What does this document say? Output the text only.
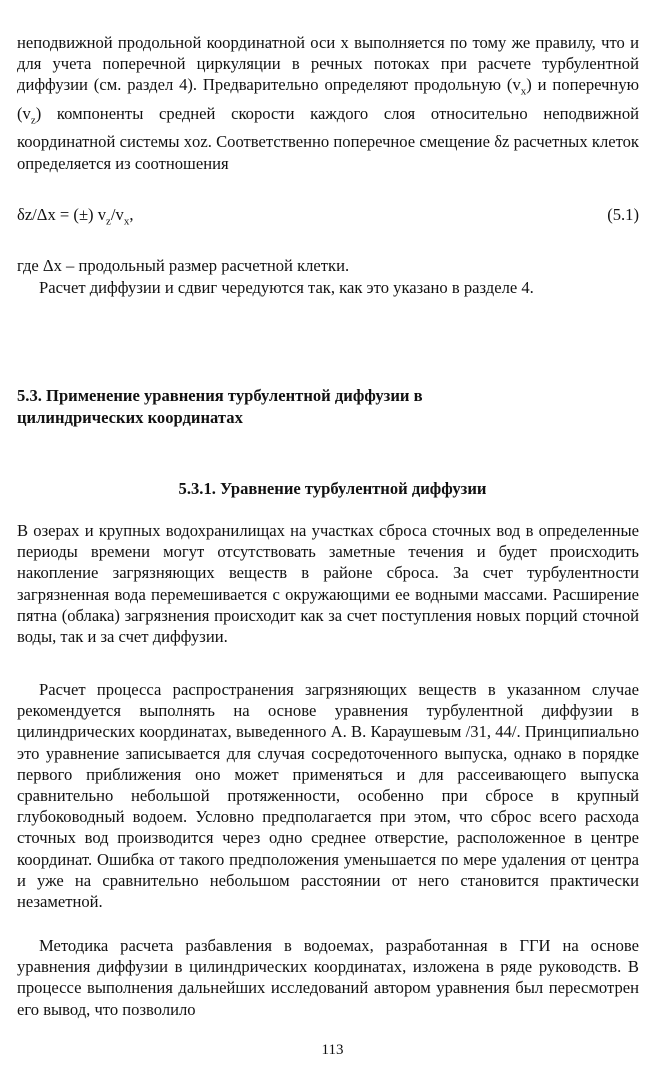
неподвижной продольной координатной оси x выполняется по тому же правилу, что и для учета поперечной циркуляции в речных потоках при расчете турбулентной диффузии (см. раздел 4). Предварительно определяют продольную $(v_x)$ и поперечную $(v_z)$ компоненты средней скорости каждого слоя относительно неподвижной координатной системы xoz. Соответственно поперечное смещение δz расчетных клеток определяется из соотношения

δz/Δx = (±) $v_z/v_x$,	(5.1)

где Δx – продольный размер расчетной клетки.

Расчет диффузии и сдвиг чередуются так, как это указано в разделе 4.

5.3. Применение уравнения турбулентной диффузии в цилиндрических координатах
5.3.1. Уравнение турбулентной диффузии

В озерах и крупных водохранилищах на участках сброса сточных вод в определенные периоды времени могут отсутствовать заметные течения и будет происходить накопление загрязняющих веществ в районе сброса. За счет турбулентности загрязненная вода перемешивается с окружающими ее водными массами. Расширение пятна (облака) загрязнения происходит как за счет поступления новых порций сточной воды, так и за счет диффузии.

Расчет процесса распространения загрязняющих веществ в указанном случае рекомендуется выполнять на основе уравнения турбулентной диффузии в цилиндрических координатах, выведенного А. В. Караушевым /31, 44/. Принципиально это уравнение записывается для случая сосредоточенного выпуска, однако в порядке первого приближения оно может применяться и для рассеивающего выпуска сравнительно небольшой протяженности, особенно при сбросе в крупный глубоководный водоем. Условно предполагается при этом, что сброс всего расхода сточных вод производится через одно среднее отверстие, расположенное в центре координат. Ошибка от такого предположения уменьшается по мере удаления от центра и уже на сравнительно небольшом расстоянии от него становится практически незаметной.

Методика расчета разбавления в водоемах, разработанная в ГГИ на основе уравнения диффузии в цилиндрических координатах, изложена в ряде руководств. В процессе выполнения дальнейших исследований автором уравнения был пересмотрен его вывод, что позволило

113
